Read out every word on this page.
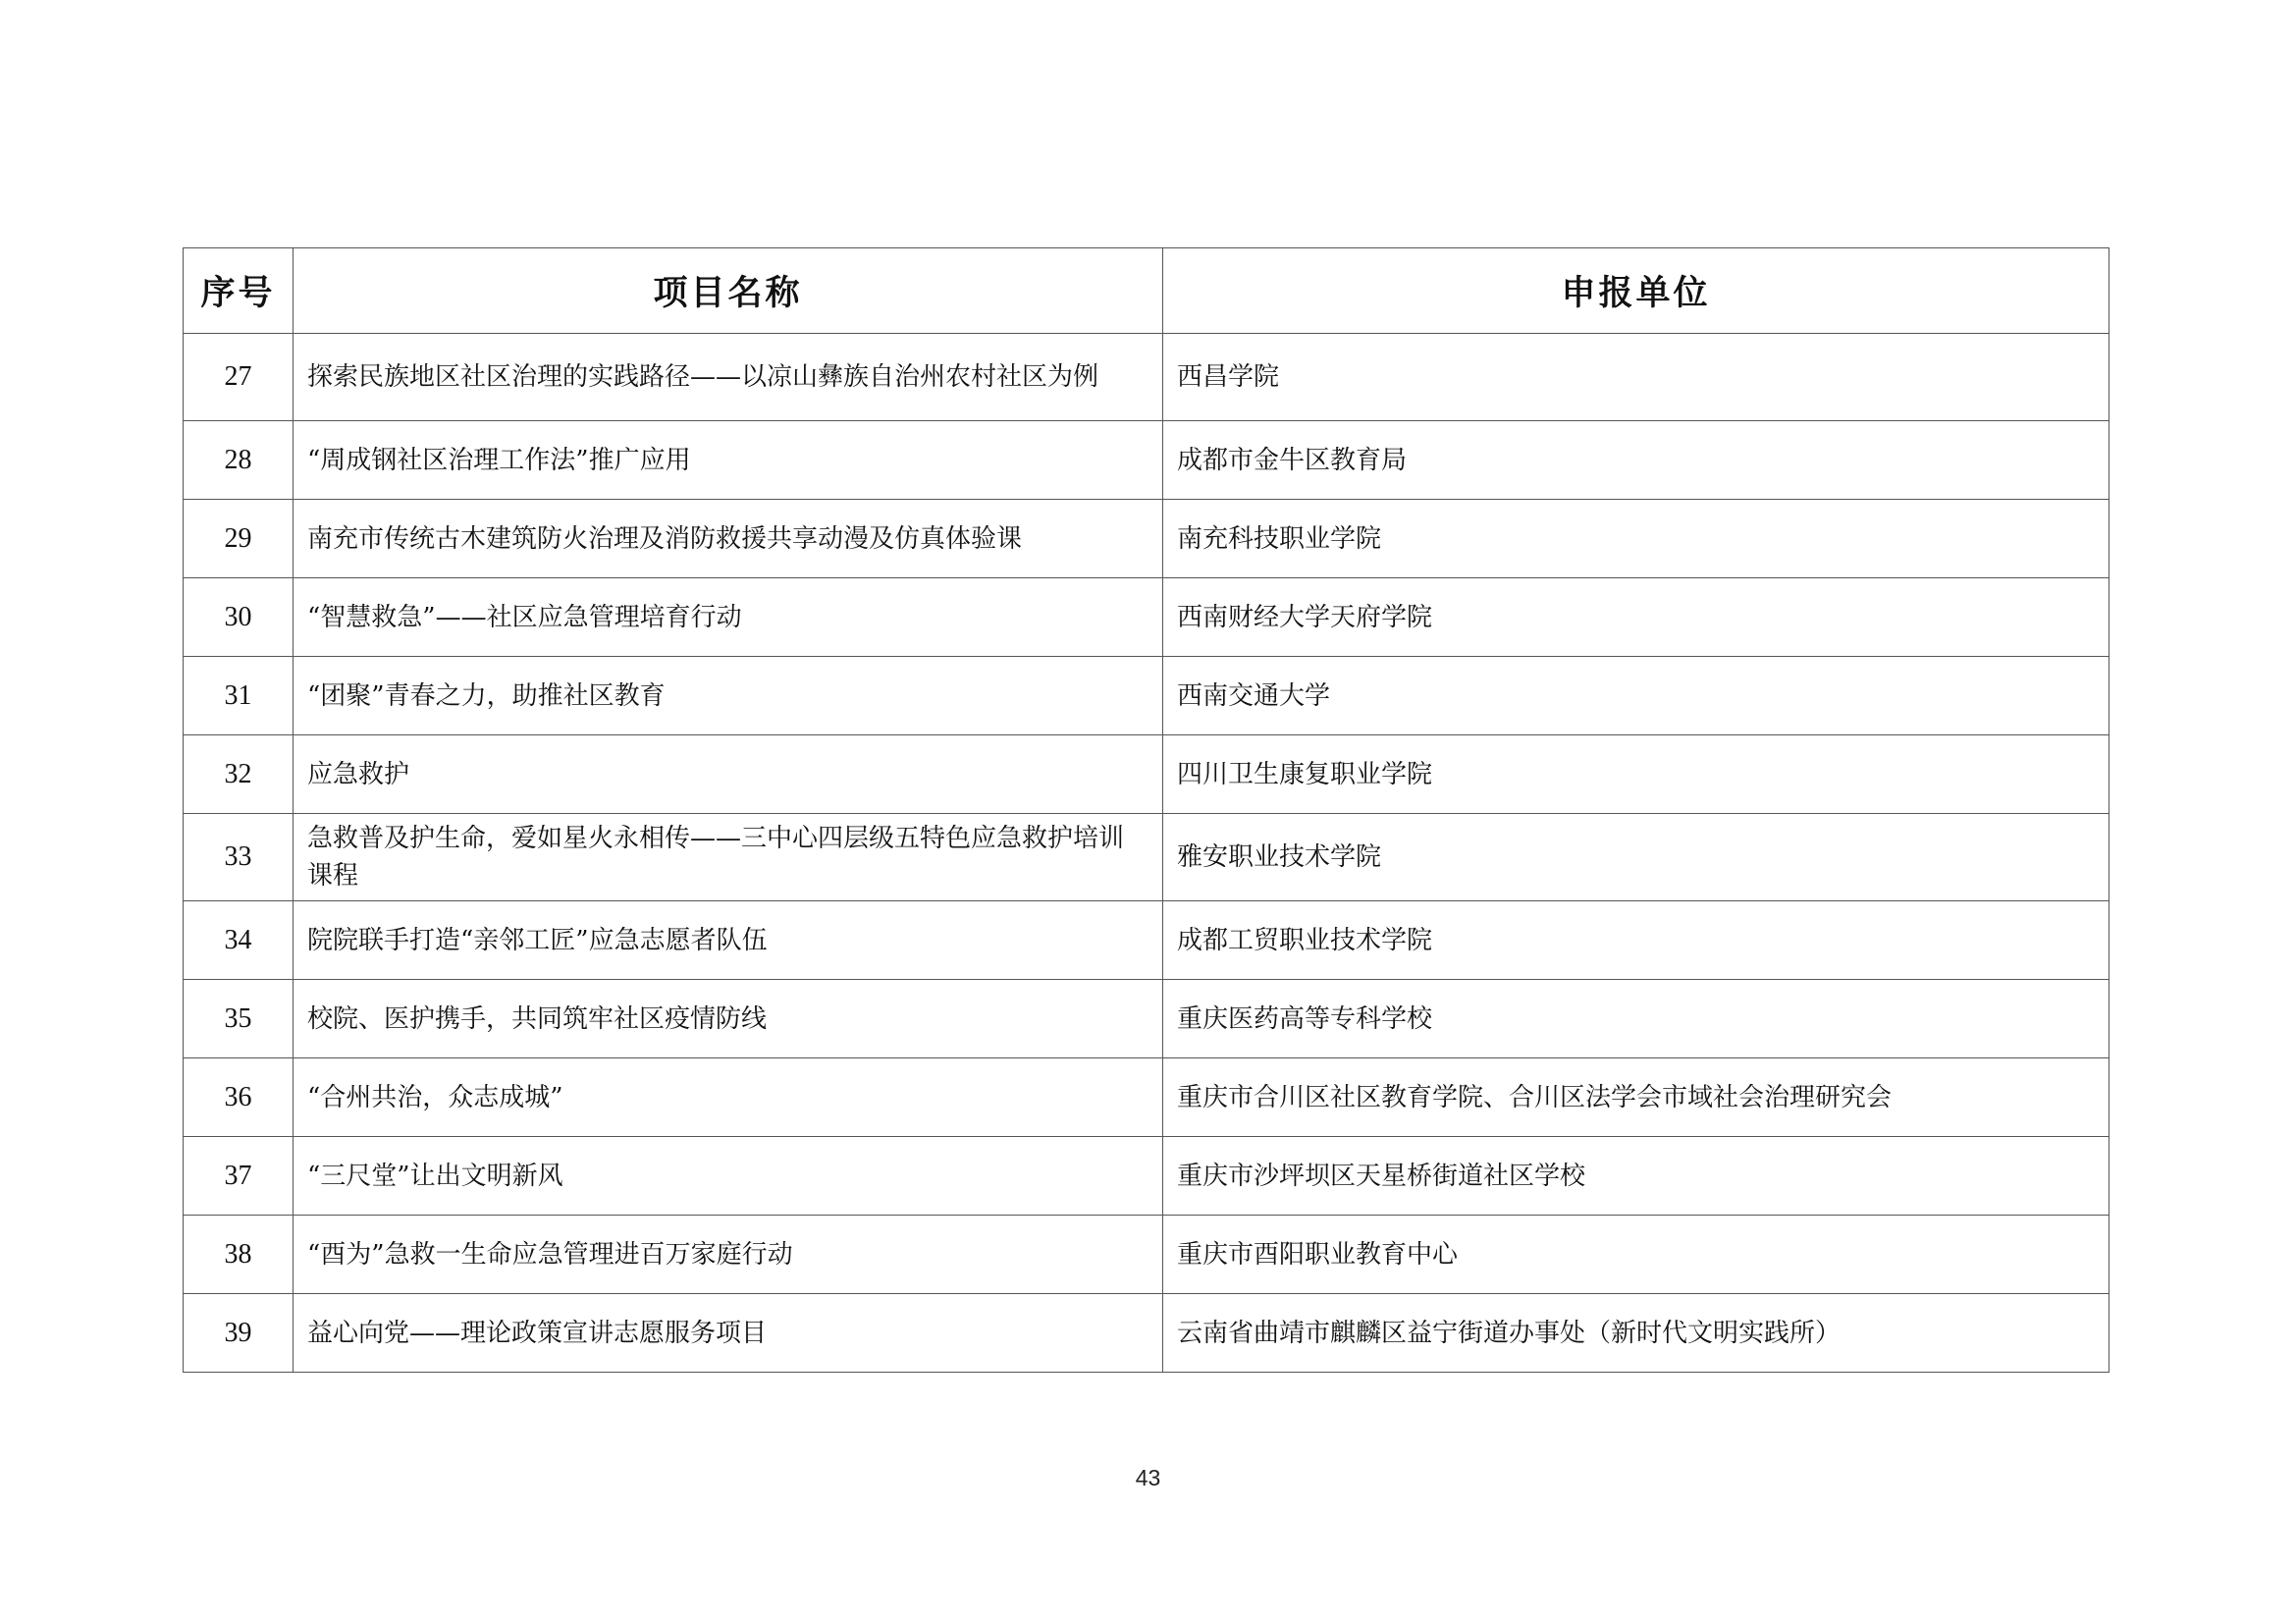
序号	项目名称	申报单位
27	探索民族地区社区治理的实践路径——以凉山彝族自治州农村社区为例	西昌学院
28	“周成钢社区治理工作法”推广应用	成都市金牛区教育局
29	南充市传统古木建筑防火治理及消防救援共享动漫及仿真体验课	南充科技职业学院
30	“智慧救急”——社区应急管理培育行动	西南财经大学天府学院
31	“团聚”青春之力，助推社区教育	西南交通大学
32	应急救护	四川卫生康复职业学院
33	急救普及护生命，爱如星火永相传——三中心四层级五特色应急救护培训课程	雅安职业技术学院
34	院院联手打造“亲邻工匠”应急志愿者队伍	成都工贸职业技术学院
35	校院、医护携手，共同筑牢社区疫情防线	重庆医药高等专科学校
36	“合州共治，众志成城”	重庆市合川区社区教育学院、合川区法学会市域社会治理研究会
37	“三尺堂”让出文明新风	重庆市沙坪坝区天星桥街道社区学校
38	“酉为”急救一生命应急管理进百万家庭行动	重庆市酉阳职业教育中心
39	益心向党——理论政策宣讲志愿服务项目	云南省曲靖市麒麟区益宁街道办事处（新时代文明实践所）
43
